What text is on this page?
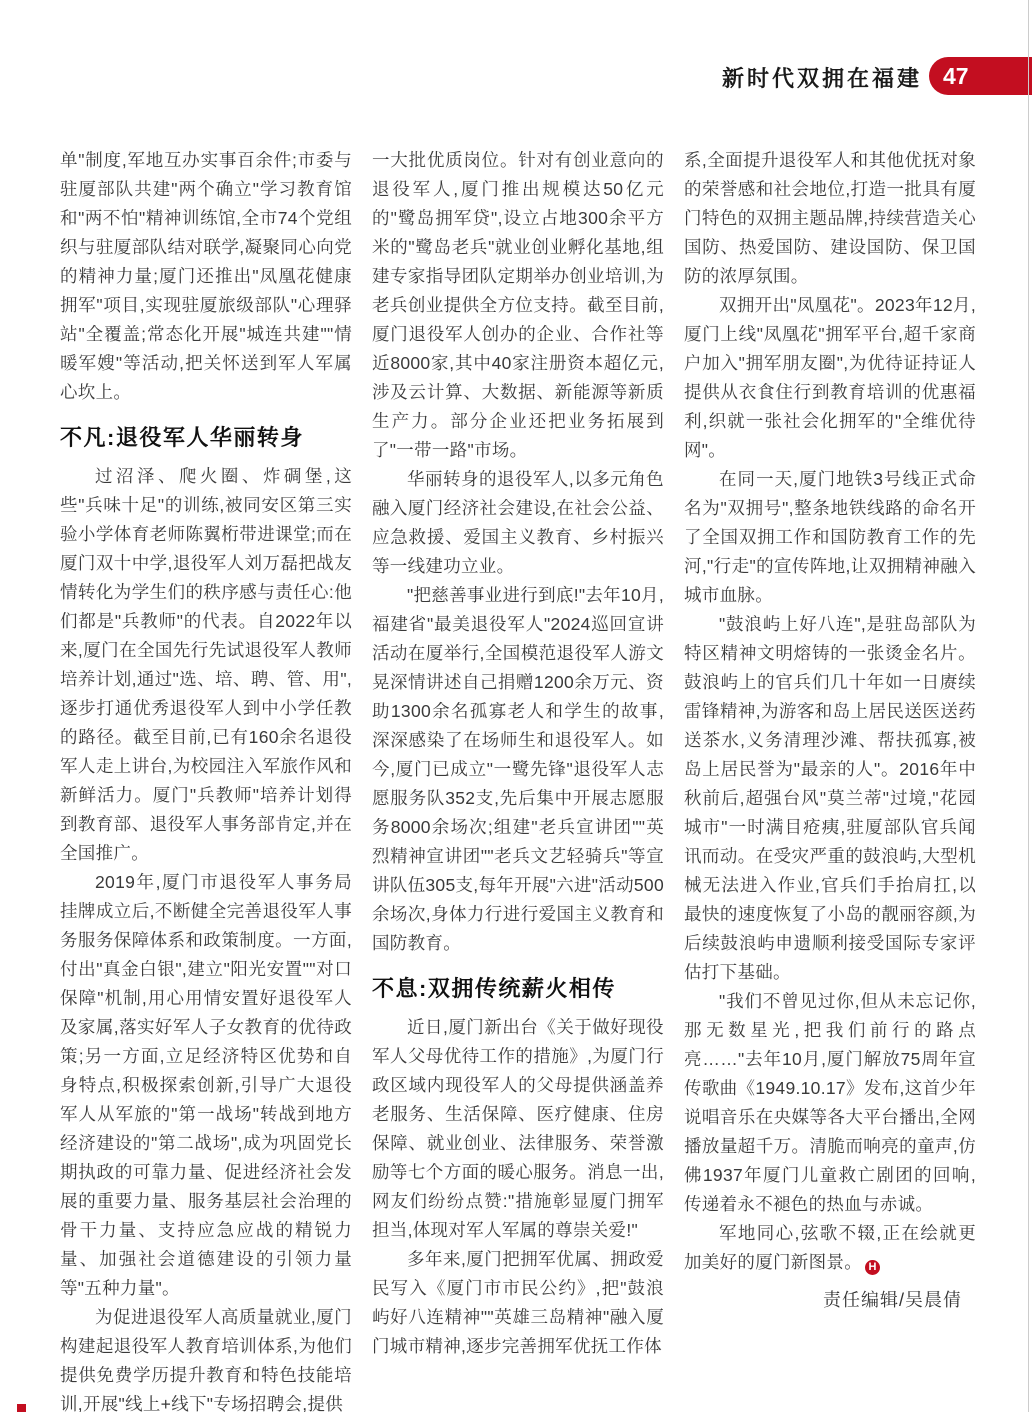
新时代双拥在福建 47

单"制度,军地互办实事百余件;市委与驻厦部队共建"两个确立"学习教育馆和"两不怕"精神训练馆,全市74个党组织与驻厦部队结对联学,凝聚同心向党的精神力量;厦门还推出"凤凰花健康拥军"项目,实现驻厦旅级部队"心理驿站"全覆盖;常态化开展"城连共建""情暖军嫂"等活动,把关怀送到军人军属心坎上。

不凡:退役军人华丽转身

过沼泽、爬火圈、炸碉堡,这些"兵味十足"的训练,被同安区第三实验小学体育老师陈翼桁带进课堂;而在厦门双十中学,退役军人刘万磊把战友情转化为学生们的秩序感与责任心:他们都是"兵教师"的代表。自2022年以来,厦门在全国先行先试退役军人教师培养计划,通过"选、培、聘、管、用",逐步打通优秀退役军人到中小学任教的路径。截至目前,已有160余名退役军人走上讲台,为校园注入军旅作风和新鲜活力。厦门"兵教师"培养计划得到教育部、退役军人事务部肯定,并在全国推广。

2019年,厦门市退役军人事务局挂牌成立后,不断健全完善退役军人事务服务保障体系和政策制度。一方面,付出"真金白银",建立"阳光安置""对口保障"机制,用心用情安置好退役军人及家属,落实好军人子女教育的优待政策;另一方面,立足经济特区优势和自身特点,积极探索创新,引导广大退役军人从军旅的"第一战场"转战到地方经济建设的"第二战场",成为巩固党长期执政的可靠力量、促进经济社会发展的重要力量、服务基层社会治理的骨干力量、支持应急应战的精锐力量、加强社会道德建设的引领力量等"五种力量"。

为促进退役军人高质量就业,厦门构建起退役军人教育培训体系,为他们提供免费学历提升教育和特色技能培训,开展"线上+线下"专场招聘会,提供

一大批优质岗位。针对有创业意向的退役军人,厦门推出规模达50亿元的"鹭岛拥军贷",设立占地300余平方米的"鹭岛老兵"就业创业孵化基地,组建专家指导团队定期举办创业培训,为老兵创业提供全方位支持。截至目前,厦门退役军人创办的企业、合作社等近8000家,其中40家注册资本超亿元,涉及云计算、大数据、新能源等新质生产力。部分企业还把业务拓展到了"一带一路"市场。

华丽转身的退役军人,以多元角色融入厦门经济社会建设,在社会公益、应急救援、爱国主义教育、乡村振兴等一线建功立业。

"把慈善事业进行到底!"去年10月,福建省"最美退役军人"2024巡回宣讲活动在厦举行,全国模范退役军人游文晃深情讲述自己捐赠1200余万元、资助1300余名孤寡老人和学生的故事,深深感染了在场师生和退役军人。如今,厦门已成立"一鹭先锋"退役军人志愿服务队352支,先后集中开展志愿服务8000余场次;组建"老兵宣讲团""英烈精神宣讲团""老兵文艺轻骑兵"等宣讲队伍305支,每年开展"六进"活动500余场次,身体力行进行爱国主义教育和国防教育。

不息:双拥传统薪火相传

近日,厦门新出台《关于做好现役军人父母优待工作的措施》,为厦门行政区域内现役军人的父母提供涵盖养老服务、生活保障、医疗健康、住房保障、就业创业、法律服务、荣誉激励等七个方面的暖心服务。消息一出,网友们纷纷点赞:"措施彰显厦门拥军担当,体现对军人军属的尊崇关爱!"

多年来,厦门把拥军优属、拥政爱民写入《厦门市市民公约》,把"鼓浪屿好八连精神""英雄三岛精神"融入厦门城市精神,逐步完善拥军优抚工作体

系,全面提升退役军人和其他优抚对象的荣誉感和社会地位,打造一批具有厦门特色的双拥主题品牌,持续营造关心国防、热爱国防、建设国防、保卫国防的浓厚氛围。

双拥开出"凤凰花"。2023年12月,厦门上线"凤凰花"拥军平台,超千家商户加入"拥军朋友圈",为优待证持证人提供从衣食住行到教育培训的优惠福利,织就一张社会化拥军的"全维优待网"。

在同一天,厦门地铁3号线正式命名为"双拥号",整条地铁线路的命名开了全国双拥工作和国防教育工作的先河,"行走"的宣传阵地,让双拥精神融入城市血脉。

"鼓浪屿上好八连",是驻岛部队为特区精神文明熔铸的一张烫金名片。鼓浪屿上的官兵们几十年如一日赓续雷锋精神,为游客和岛上居民送医送药送茶水,义务清理沙滩、帮扶孤寡,被岛上居民誉为"最亲的人"。2016年中秋前后,超强台风"莫兰蒂"过境,"花园城市"一时满目疮痍,驻厦部队官兵闻讯而动。在受灾严重的鼓浪屿,大型机械无法进入作业,官兵们手抬肩扛,以最快的速度恢复了小岛的靓丽容颜,为后续鼓浪屿申遗顺利接受国际专家评估打下基础。

"我们不曾见过你,但从未忘记你,那无数星光,把我们前行的路点亮……"去年10月,厦门解放75周年宣传歌曲《1949.10.17》发布,这首少年说唱音乐在央媒等各大平台播出,全网播放量超千万。清脆而响亮的童声,仿佛1937年厦门儿童救亡剧团的回响,传递着永不褪色的热血与赤诚。

军地同心,弦歌不辍,正在绘就更加美好的厦门新图景。 H

责任编辑/吴晨倩
